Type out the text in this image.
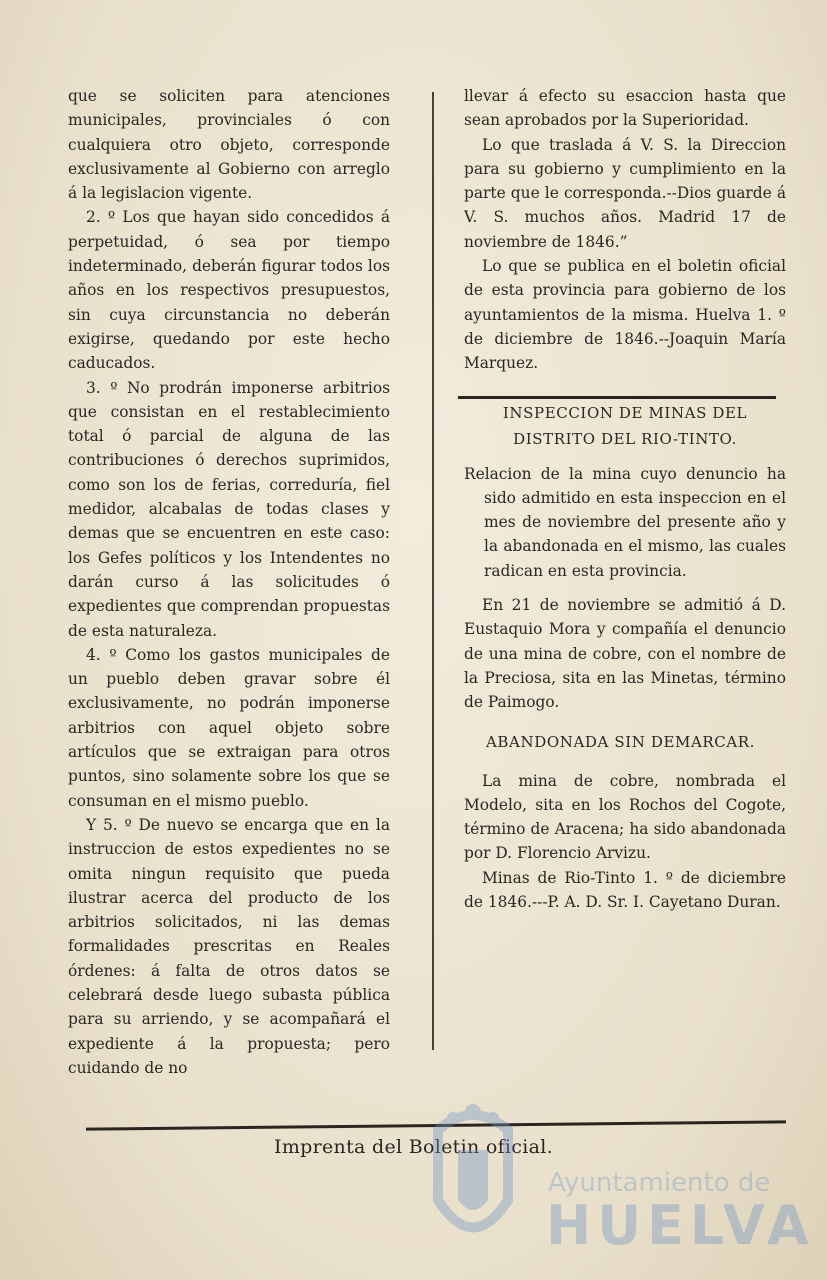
que se soliciten para atenciones municipales, provinciales ó con cualquiera otro objeto, corresponde exclusivamente al Gobierno con arreglo á la legislacion vigente.

2. º Los que hayan sido concedidos á perpetuidad, ó sea por tiempo indeterminado, deberán figurar todos los años en los respectivos presupuestos, sin cuya circunstancia no deberán exigirse, quedando por este hecho caducados.

3. º No prodrán imponerse arbitrios que consistan en el restablecimiento total ó parcial de alguna de las contribuciones ó derechos suprimidos, como son los de ferias, correduría, fiel medidor, alcabalas de todas clases y demas que se encuentren en este caso: los Gefes políticos y los Intendentes no darán curso á las solicitudes ó expedientes que comprendan propuestas de esta naturaleza.

4. º Como los gastos municipales de un pueblo deben gravar sobre él exclusivamente, no podrán imponerse arbitrios con aquel objeto sobre artículos que se extraigan para otros puntos, sino solamente sobre los que se consuman en el mismo pueblo.

Y 5. º De nuevo se encarga que en la instruccion de estos expedientes no se omita ningun requisito que pueda ilustrar acerca del producto de los arbitrios solicitados, ni las demas formalidades prescritas en Reales órdenes: á falta de otros datos se celebrará desde luego subasta pública para su arriendo, y se acompañará el expediente á la propuesta; pero cuidando de no

llevar á efecto su esaccion hasta que sean aprobados por la Superioridad.

Lo que traslada á V. S. la Direccion para su gobierno y cumplimiento en la parte que le corresponda.--Dios guarde á V. S. muchos años. Madrid 17 de noviembre de 1846.”

Lo que se publica en el boletin oficial de esta provincia para gobierno de los ayuntamientos de la misma. Huelva 1. º de diciembre de 1846.--Joaquin María Marquez.

INSPECCION DE MINAS DEL DISTRITO DEL RIO-TINTO.

Relacion de la mina cuyo denuncio ha sido admitido en esta inspeccion en el mes de noviembre del presente año y la abandonada en el mismo, las cuales radican en esta provincia.

En 21 de noviembre se admitió á D. Eustaquio Mora y compañía el denuncio de una mina de cobre, con el nombre de la Preciosa, sita en las Minetas, término de Paimogo.

ABANDONADA SIN DEMARCAR.

La mina de cobre, nombrada el Modelo, sita en los Rochos del Cogote, término de Aracena; ha sido abandonada por D. Florencio Arvizu.

Minas de Rio-Tinto 1. º de diciembre de 1846.---P. A. D. Sr. I. Cayetano Duran.

Imprenta del Boletin oficial.
Ayuntamiento de
HUELVA
